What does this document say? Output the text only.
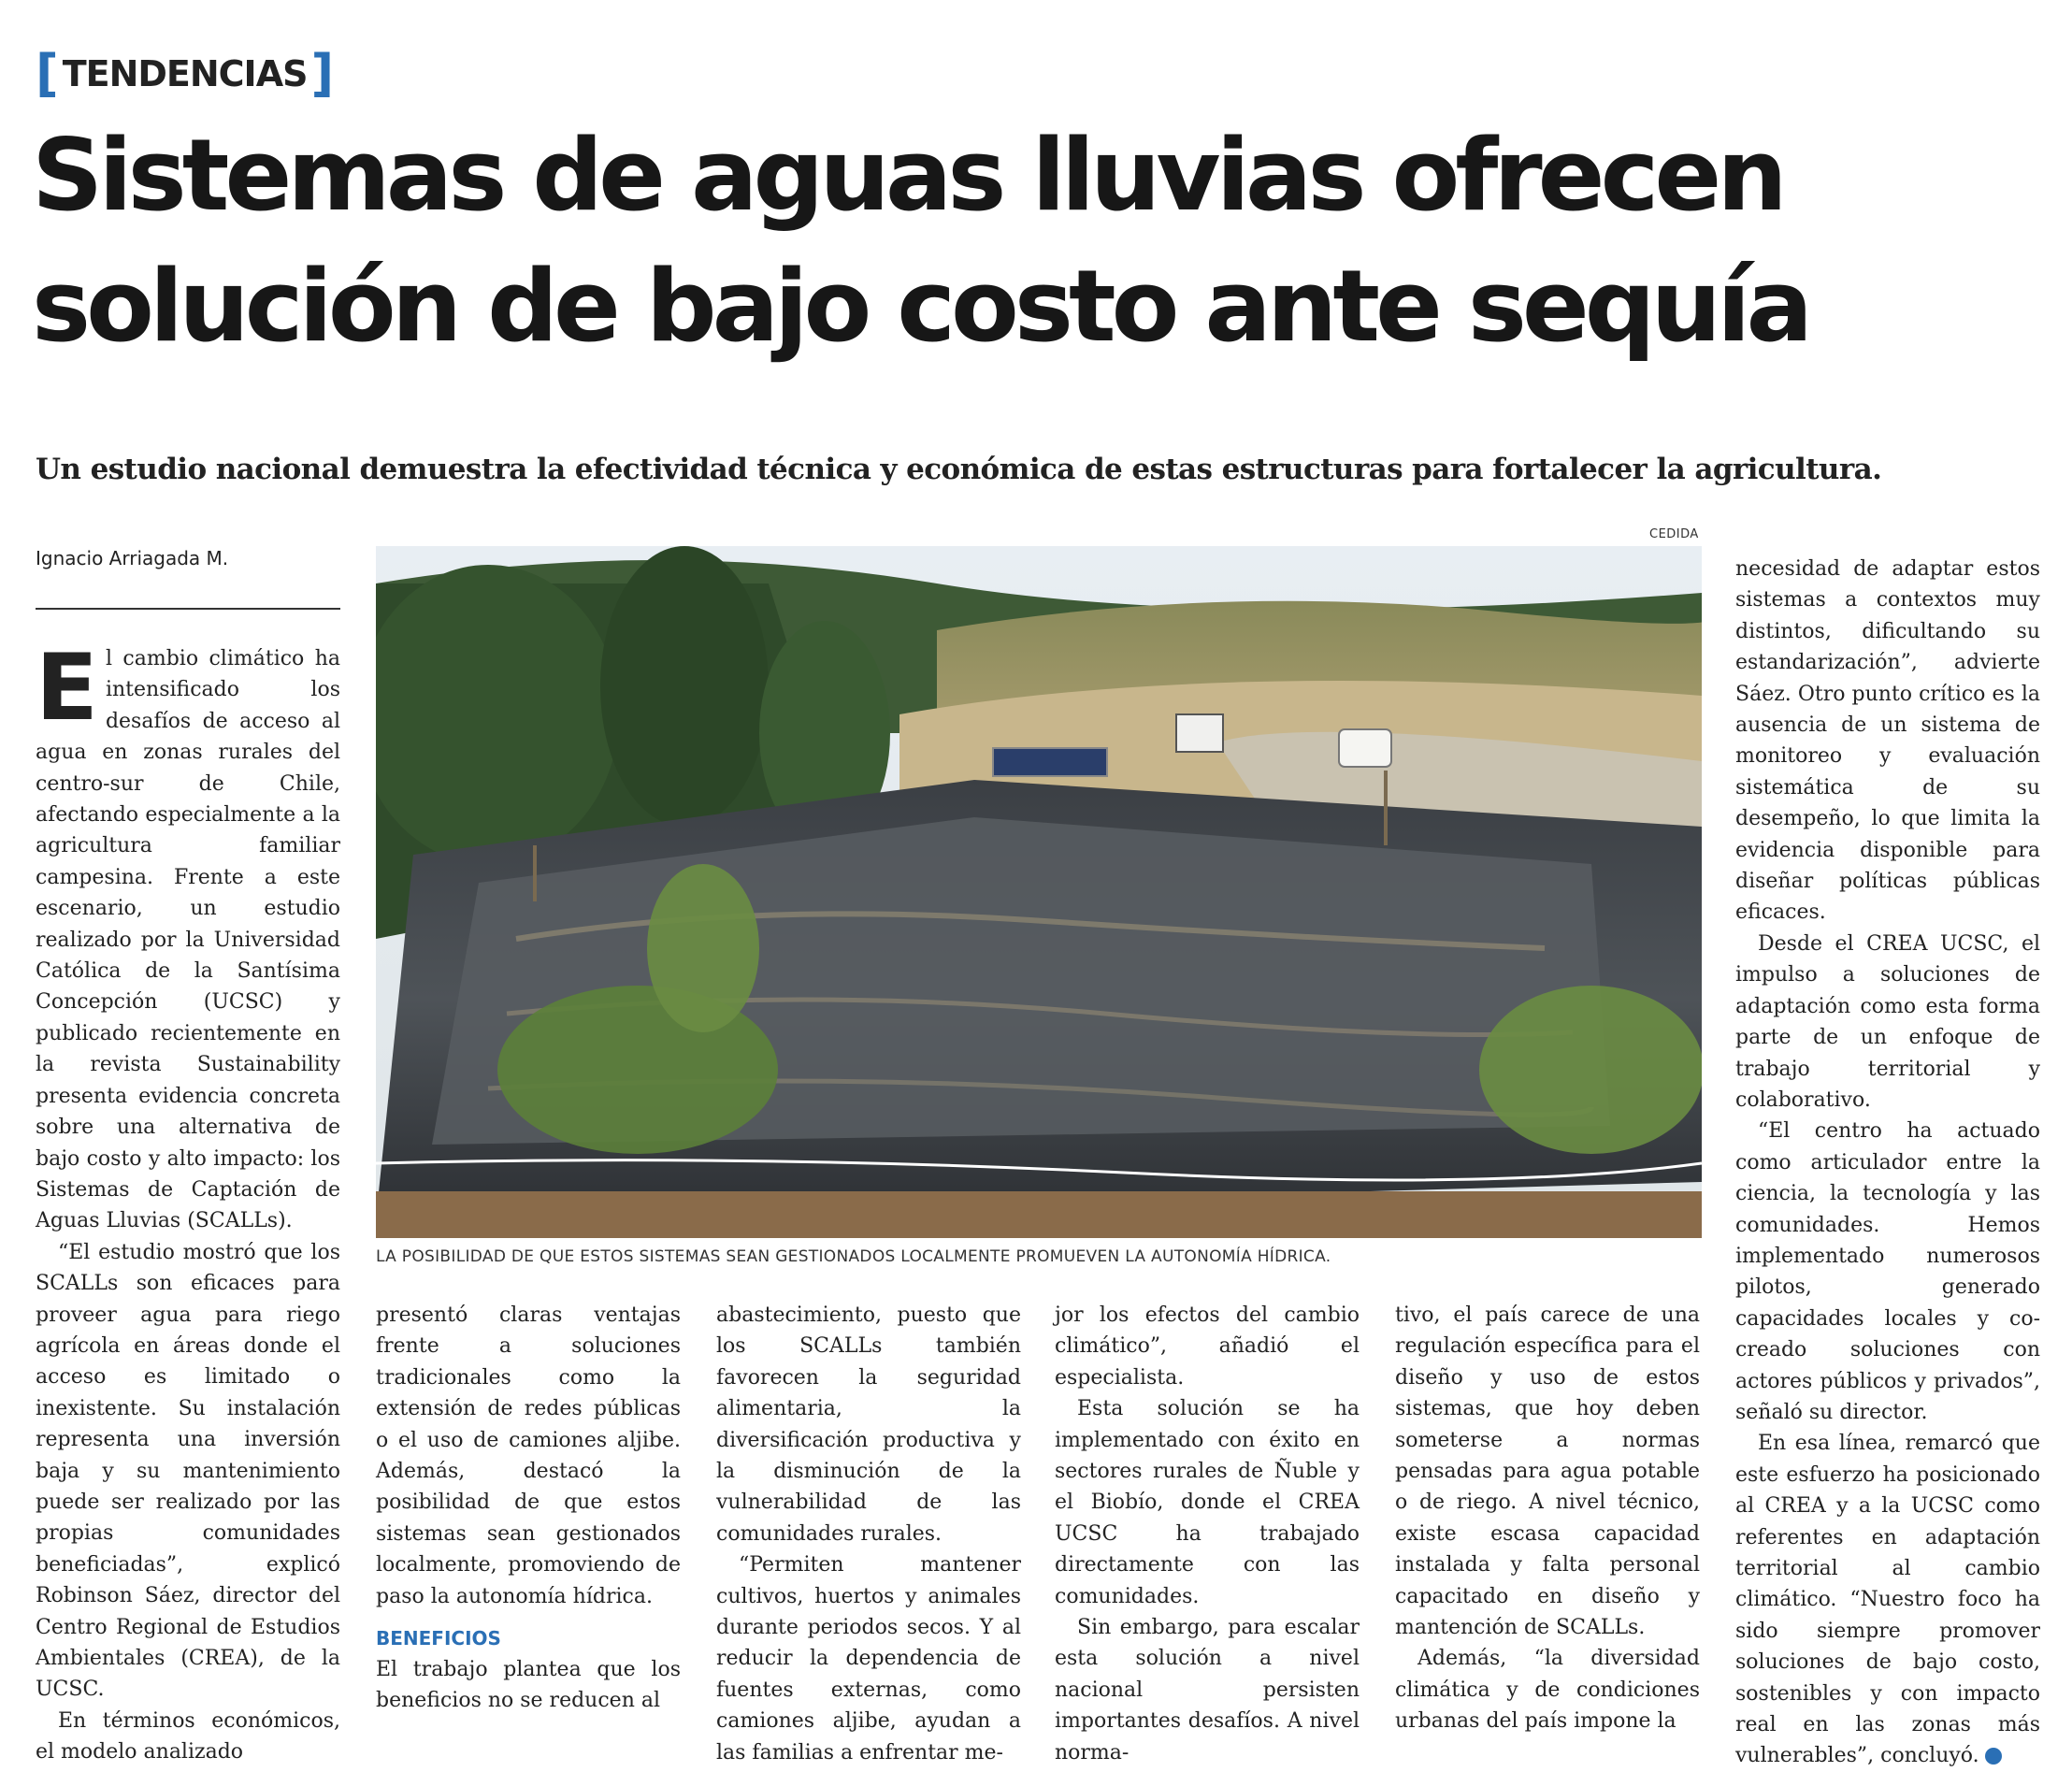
[ TENDENCIAS ]
Sistemas de aguas lluvias ofrecen
solución de bajo costo ante sequía
Un estudio nacional demuestra la efectividad técnica y económica de estas estructuras para fortalecer la agricultura.
Ignacio Arriagada M.

El cambio climático ha intensificado los desafíos de acceso al agua en zonas rurales del centro-sur de Chile, afectando especialmente a la agricultura familiar campesina. Frente a este escenario, un estudio realizado por la Universidad Católica de la Santísima Concepción (UCSC) y publicado recientemente en la revista Sustainability presenta evidencia concreta sobre una alternativa de bajo costo y alto impacto: los Sistemas de Captación de Aguas Lluvias (SCALLs).

“El estudio mostró que los SCALLs son eficaces para proveer agua para riego agrícola en áreas donde el acceso es limitado o inexistente. Su instalación representa una inversión baja y su mantenimiento puede ser realizado por las propias comunidades beneficiadas”, explicó Robinson Sáez, director del Centro Regional de Estudios Ambientales (CREA), de la UCSC.

En términos económicos, el modelo analizado

CEDIDA
LA POSIBILIDAD DE QUE ESTOS SISTEMAS SEAN GESTIONADOS LOCALMENTE PROMUEVEN LA AUTONOMÍA HÍDRICA.

presentó claras ventajas frente a soluciones tradicionales como la extensión de redes públicas o el uso de camiones aljibe. Además, destacó la posibilidad de que estos sistemas sean gestionados localmente, promoviendo de paso la autonomía hídrica.

BENEFICIOS

El trabajo plantea que los beneficios no se reducen al

abastecimiento, puesto que los SCALLs también favorecen la seguridad alimentaria, la diversificación productiva y la disminución de la vulnerabilidad de las comunidades rurales.

“Permiten mantener cultivos, huertos y animales durante periodos secos. Y al reducir la dependencia de fuentes externas, como camiones aljibe, ayudan a las familias a enfrentar me-

jor los efectos del cambio climático”, añadió el especialista.

Esta solución se ha implementado con éxito en sectores rurales de Ñuble y el Biobío, donde el CREA UCSC ha trabajado directamente con las comunidades.

Sin embargo, para escalar esta solución a nivel nacional persisten importantes desafíos. A nivel norma-

tivo, el país carece de una regulación específica para el diseño y uso de estos sistemas, que hoy deben someterse a normas pensadas para agua potable o de riego. A nivel técnico, existe escasa capacidad instalada y falta personal capacitado en diseño y mantención de SCALLs.

Además, “la diversidad climática y de condiciones urbanas del país impone la

necesidad de adaptar estos sistemas a contextos muy distintos, dificultando su estandarización”, advierte Sáez. Otro punto crítico es la ausencia de un sistema de monitoreo y evaluación sistemática de su desempeño, lo que limita la evidencia disponible para diseñar políticas públicas eficaces.

Desde el CREA UCSC, el impulso a soluciones de adaptación como esta forma parte de un enfoque de trabajo territorial y colaborativo.

“El centro ha actuado como articulador entre la ciencia, la tecnología y las comunidades. Hemos implementado numerosos pilotos, generado capacidades locales y co-creado soluciones con actores públicos y privados”, señaló su director.

En esa línea, remarcó que este esfuerzo ha posicionado al CREA y a la UCSC como referentes en adaptación territorial al cambio climático. “Nuestro foco ha sido siempre promover soluciones de bajo costo, sostenibles y con impacto real en las zonas más vulnerables”, concluyó. ✦
